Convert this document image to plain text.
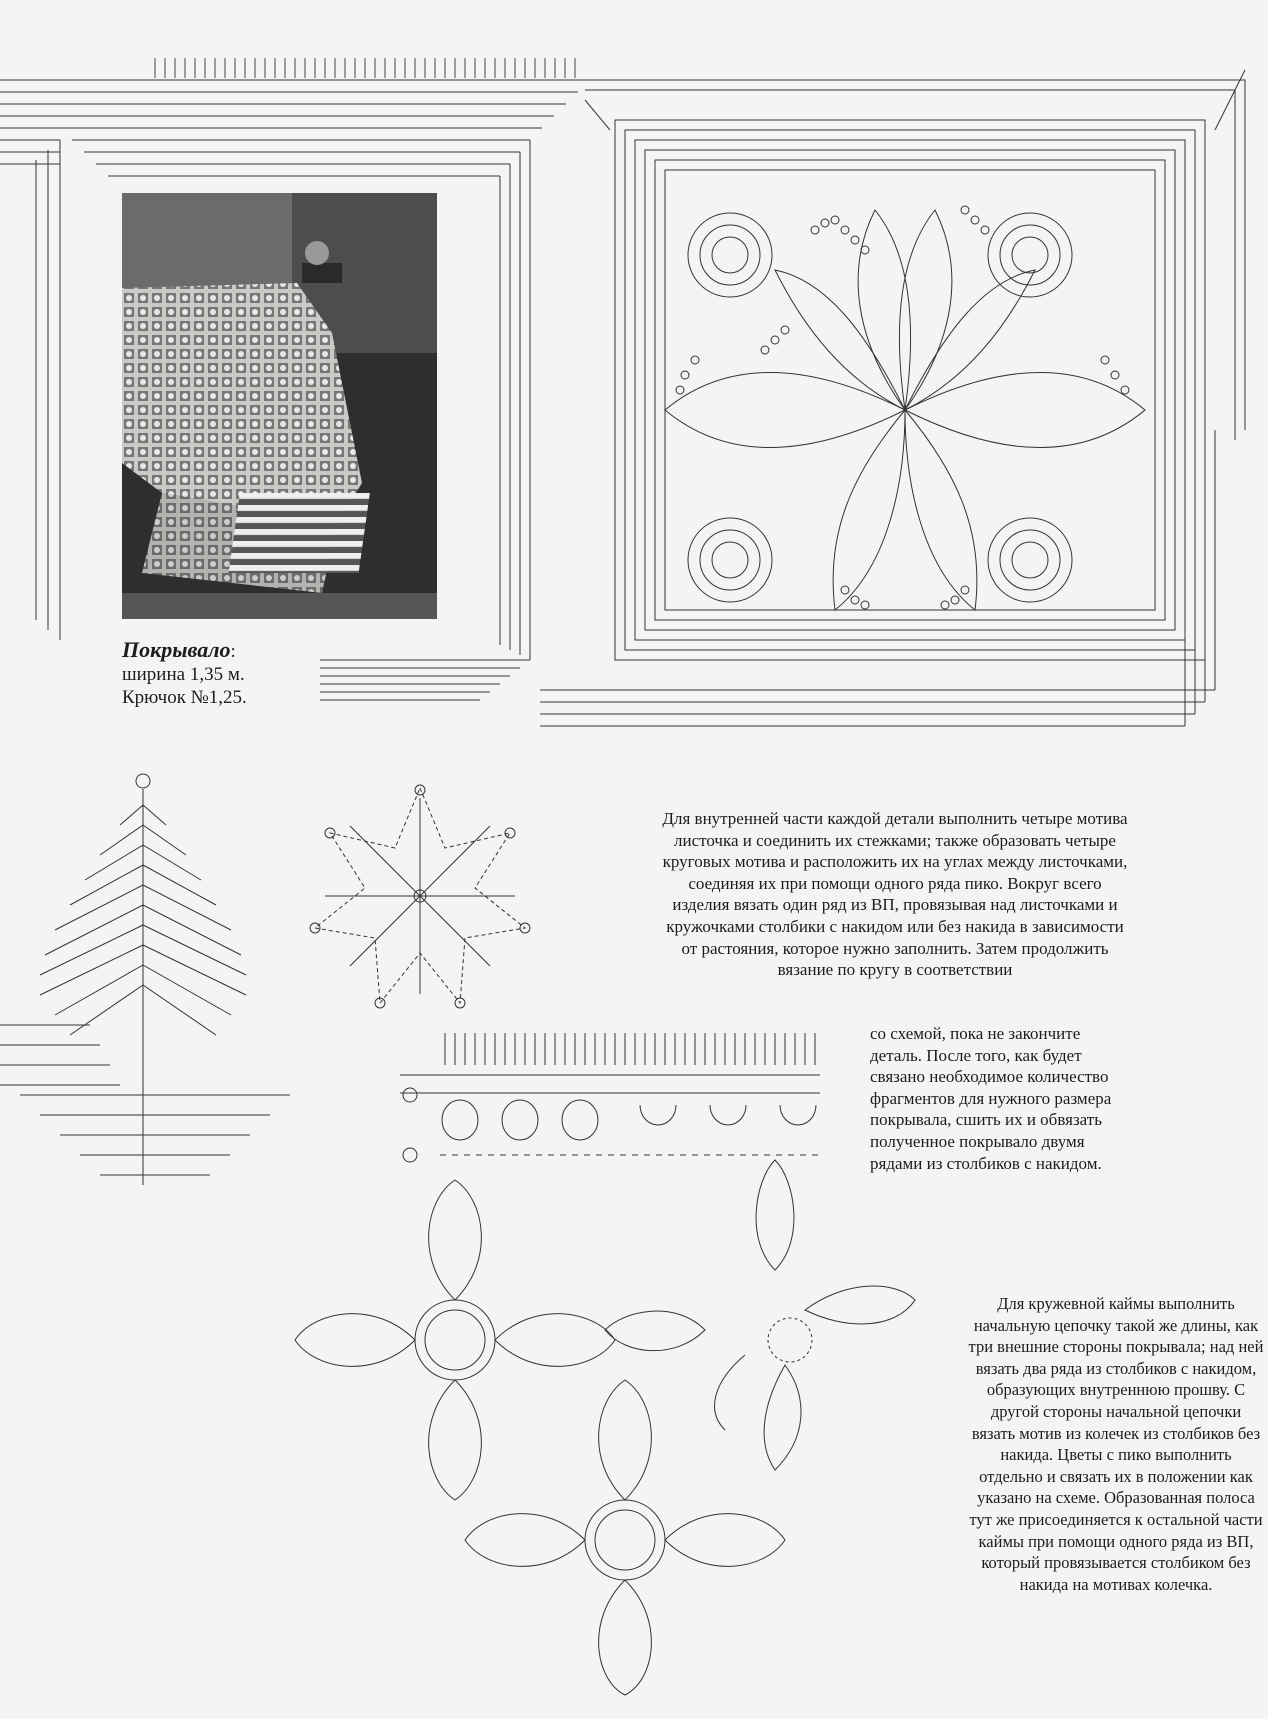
Покрывало:
ширина 1,35 м.
Крючок №1,25.
Для внутренней части каждой детали выполнить четыре мотива листочка и соединить их стежками; также образовать четыре круговых мотива и расположить их на углах между листочками, соединяя их при помощи одного ряда пико. Вокруг всего изделия вязать один ряд из ВП, провязывая над листочками и кружочками столбики с накидом или без накида в зависимости от растояния, которое нужно заполнить. Затем продолжить вязание по кругу в соответствии
со схемой, пока не закончите деталь. После того, как будет связано необходимое количество фрагментов для нужного размера покрывала, сшить их и обвязать полученное покрывало двумя рядами из столбиков с накидом.
Для кружевной каймы выполнить начальную цепочку такой же длины, как три внешние стороны покрывала; над ней вязать два ряда из столбиков с накидом, образующих внутреннюю прошву. С другой стороны начальной цепочки вязать мотив из колечек из столбиков без накида. Цветы с пико выполнить отдельно и связать их в положении как указано на схеме. Образованная полоса тут же присоединяется к остальной части каймы при помощи одного ряда из ВП, который провязывается столбиком без накида на мотивах колечка.
